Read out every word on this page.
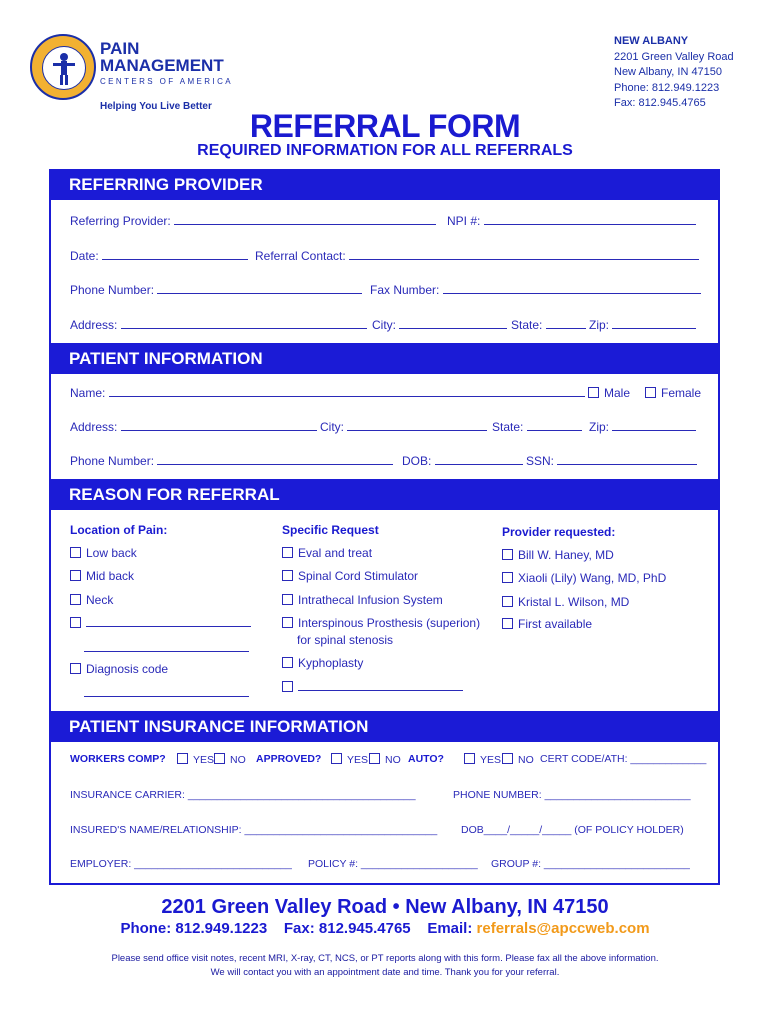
PAIN
MANAGEMENT
CENTERS OF AMERICA
Helping You Live Better
NEW ALBANY
2201 Green Valley Road
New Albany, IN 47150
Phone: 812.949.1223
Fax: 812.945.4765
REFERRAL FORM
REQUIRED INFORMATION FOR ALL REFERRALS
REFERRING PROVIDER
Referring Provider:	NPI #:
Date:	Referral Contact:
Phone Number:	Fax Number:
Address:	City:	State:	Zip:
PATIENT INFORMATION
Name:	Male	Female
Address:	City:	State:	Zip:
Phone Number:	DOB:	SSN:
REASON FOR REFERRAL
Location of Pain:	Specific Request	Provider requested:
Low back
Mid back
Neck
Diagnosis code
Eval and treat
Spinal Cord Stimulator
Intrathecal Infusion System
Interspinous Prosthesis (superion)
for spinal stenosis
Kyphoplasty
Bill W. Haney, MD
Xiaoli (Lily) Wang, MD, PhD
Kristal L. Wilson, MD
First available
PATIENT INSURANCE INFORMATION
WORKERS COMP?	YES	NO APPROVED?	YES	NO AUTO?	YES	NO CERT CODE/ATH: _____________
INSURANCE CARRIER: _______________________________________	PHONE NUMBER: _________________________
INSURED'S NAME/RELATIONSHIP: _________________________________ DOB____/_____/_____ (OF POLICY HOLDER)
EMPLOYER: ___________________________ POLICY #: ____________________ GROUP #: _________________________
2201 Green Valley Road • New Albany, IN 47150
Phone: 812.949.1223 Fax: 812.945.4765 Email: referrals@apccweb.com
Please send office visit notes, recent MRI, X-ray, CT, NCS, or PT reports along with this form. Please fax all the above information.
We will contact you with an appointment date and time. Thank you for your referral.
